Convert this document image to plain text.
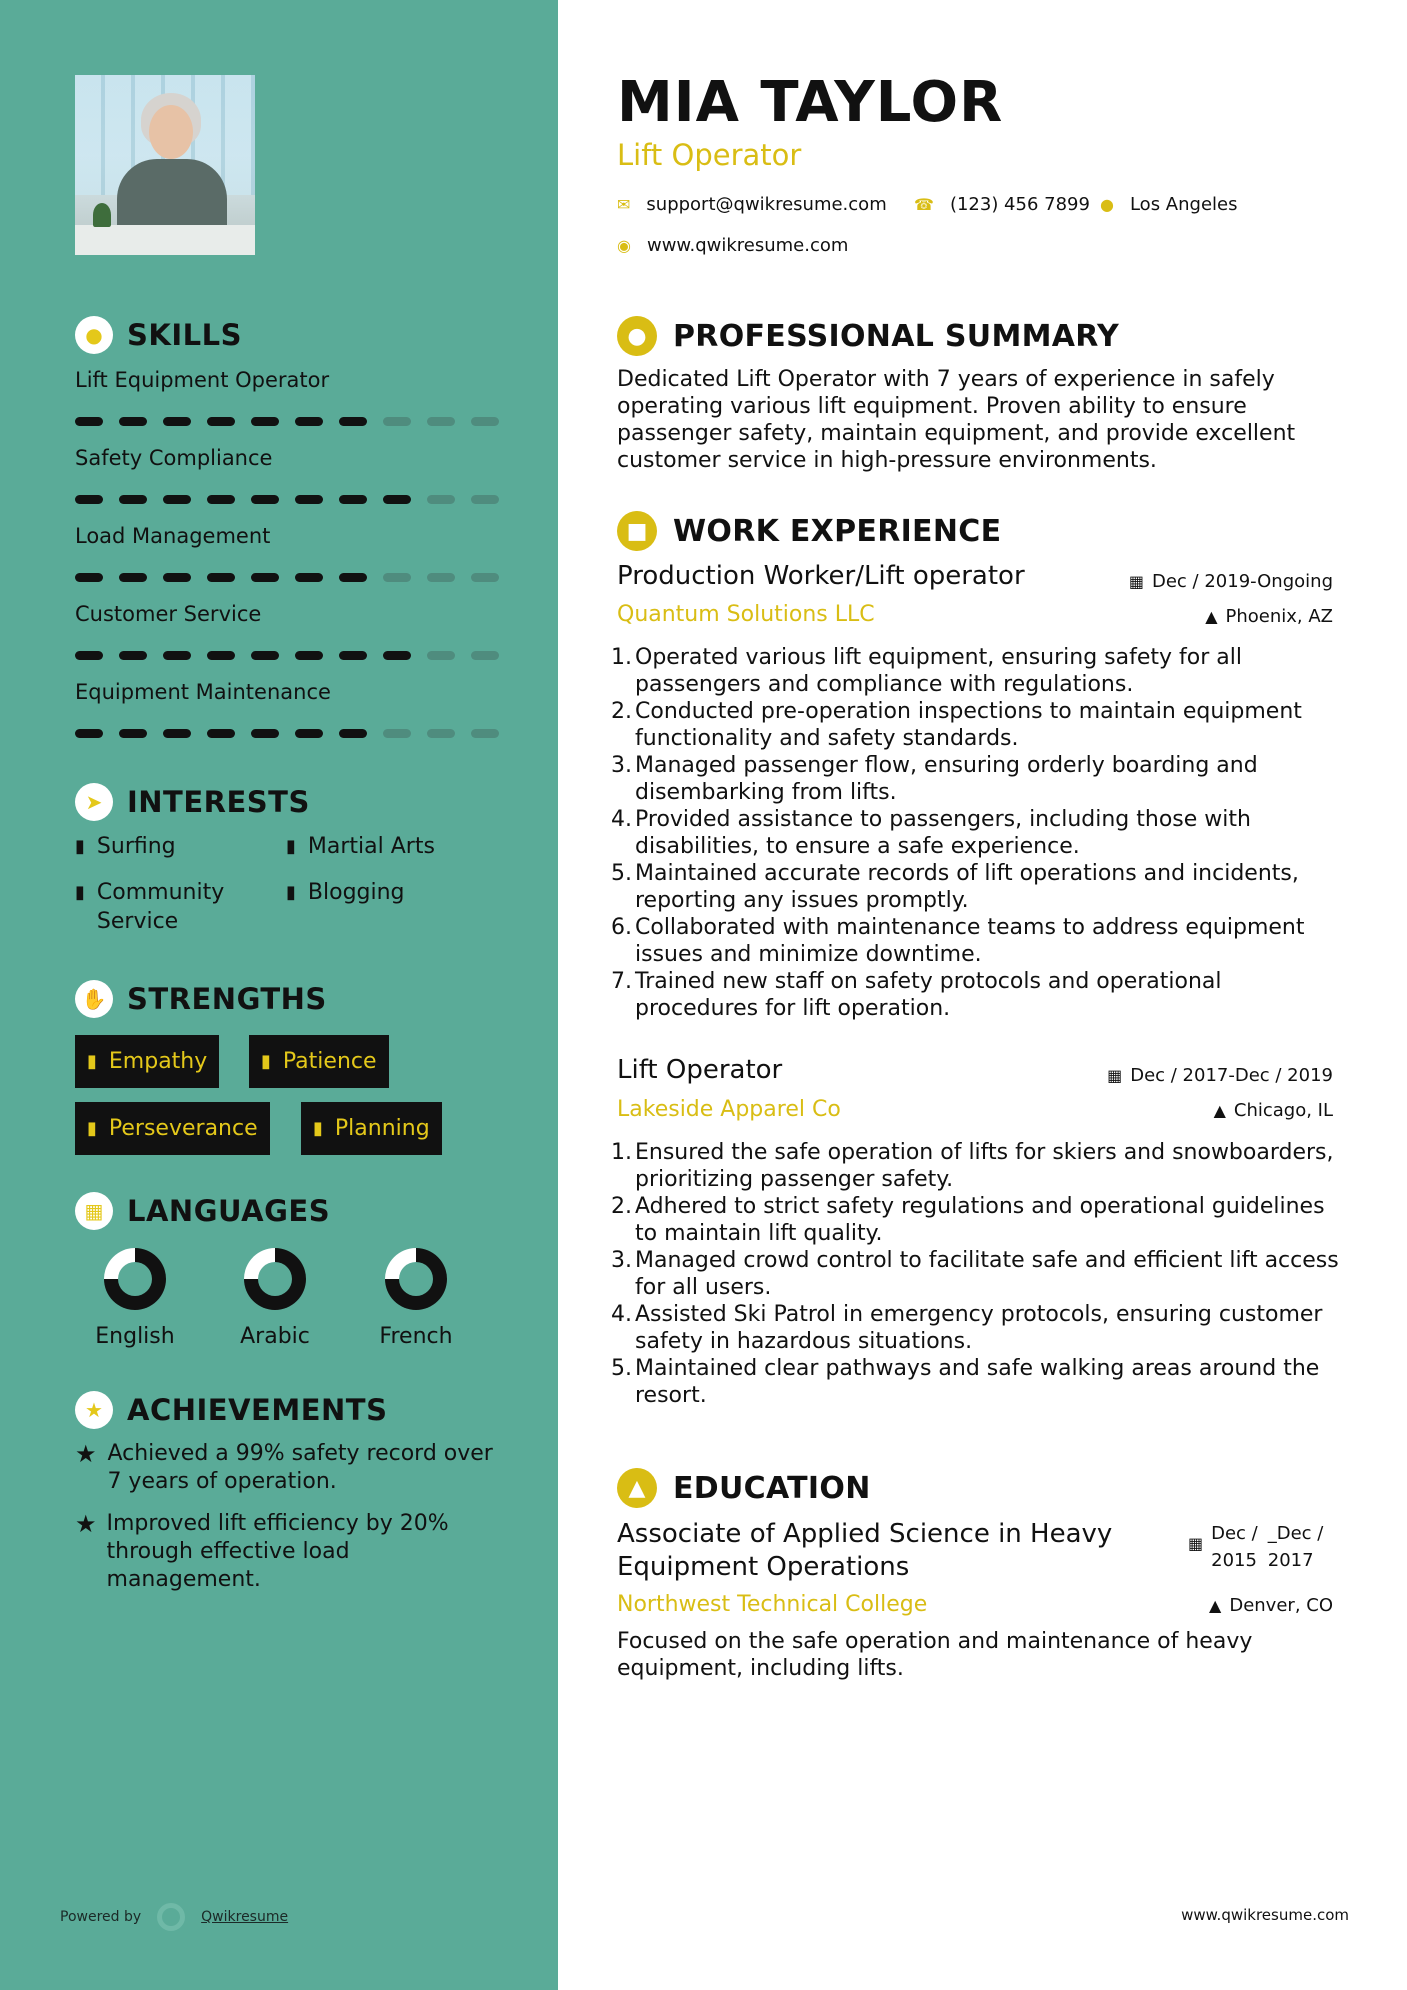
● SKILLS
Lift Equipment Operator
Safety Compliance
Load Management
Customer Service
Equipment Maintenance
➤ INTERESTS
▮ Surfing	▮ Martial Arts
▮ Community Service
▮ Blogging
✋ STRENGTHS
▮ Empathy	▮ Patience
▮ Perseverance	▮ Planning
▦ LANGUAGES
English	Arabic	French
★ ACHIEVEMENTS
★ Achieved a 99% safety record over 7 years of operation.
★ Improved lift efficiency by 20% through effective load management.
Powered by	Qwikresume
MIA TAYLOR
Lift Operator
✉ support@qwikresume.com ☎ (123) 456 7899 ● Los Angeles
◉ www.qwikresume.com
● PROFESSIONAL SUMMARY
Dedicated Lift Operator with 7 years of experience in safely operating various lift equipment. Proven ability to ensure passenger safety, maintain equipment, and provide excellent customer service in high-pressure environments.
■ WORK EXPERIENCE
Production Worker/Lift operator	▦ Dec / 2019-Ongoing
Quantum Solutions LLC	▲ Phoenix, AZ
1. Operated various lift equipment, ensuring safety for all passengers and compliance with regulations.
2. Conducted pre-operation inspections to maintain equipment functionality and safety standards.
3. Managed passenger flow, ensuring orderly boarding and disembarking from lifts.
4. Provided assistance to passengers, including those with disabilities, to ensure a safe experience.
5. Maintained accurate records of lift operations and incidents, reporting any issues promptly.
6. Collaborated with maintenance teams to address equipment issues and minimize downtime.
7. Trained new staff on safety protocols and operational procedures for lift operation.
Lift Operator	▦ Dec / 2017-Dec / 2019
Lakeside Apparel Co	▲ Chicago, IL
1. Ensured the safe operation of lifts for skiers and snowboarders, prioritizing passenger safety.
2. Adhered to strict safety regulations and operational guidelines to maintain lift quality.
3. Managed crowd control to facilitate safe and efficient lift access for all users.
4. Assisted Ski Patrol in emergency protocols, ensuring customer safety in hazardous situations.
5. Maintained clear pathways and safe walking areas around the resort.
▲ EDUCATION
Associate of Applied Science in Heavy Equipment Operations
▦ Dec /
2015
_Dec /
2017
Northwest Technical College	▲ Denver, CO
Focused on the safe operation and maintenance of heavy equipment, including lifts.
www.qwikresume.com
